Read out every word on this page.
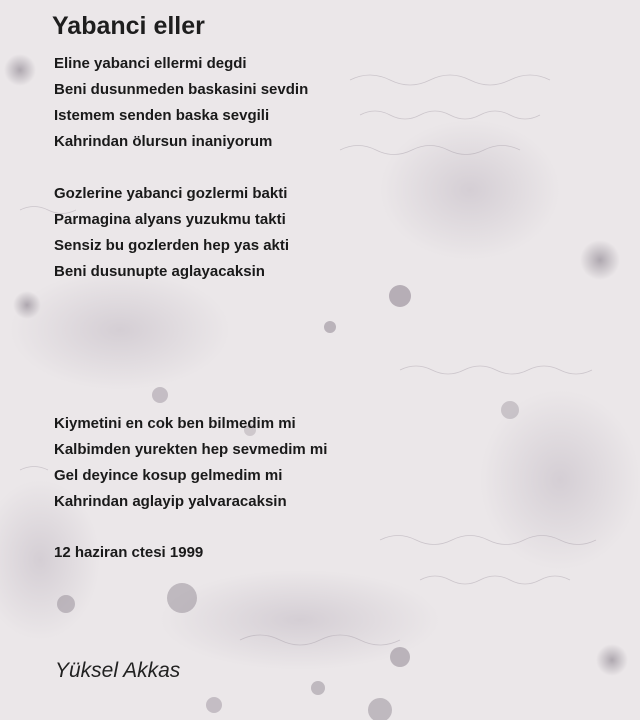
Yabanci eller
Eline yabanci ellermi degdi
Beni dusunmeden baskasini sevdin
Istemem senden baska sevgili
Kahrindan ölursun inaniyorum
Gozlerine yabanci gozlermi bakti
Parmagina alyans yuzukmu takti
Sensiz bu gozlerden hep yas akti
Beni dusunupte aglayacaksin
Kiymetini en cok ben bilmedim mi
Kalbimden yurekten hep sevmedim mi
Gel deyince kosup gelmedim mi
Kahrindan aglayip yalvaracaksin
12 haziran ctesi 1999
Yüksel Akkas
